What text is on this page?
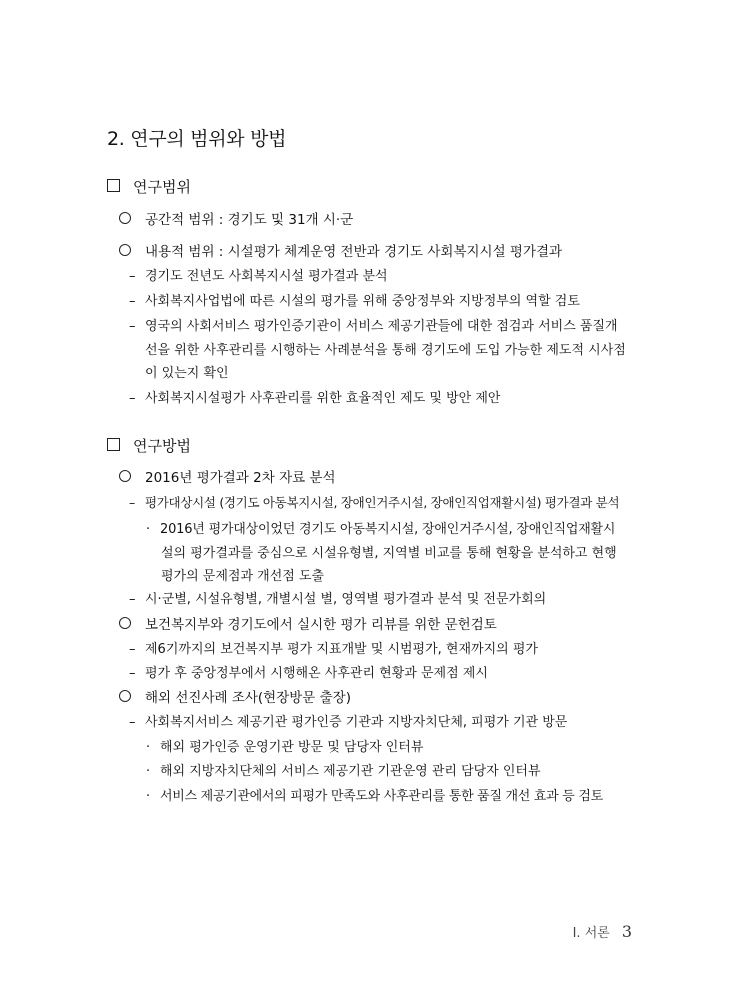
2. 연구의 범위와 방법
연구범위
공간적 범위 : 경기도 및 31개 시·군
내용적 범위 : 시설평가 체계운영 전반과 경기도 사회복지시설 평가결과
– 경기도 전년도 사회복지시설 평가결과 분석
– 사회복지사업법에 따른 시설의 평가를 위해 중앙정부와 지방정부의 역할 검토
– 영국의 사회서비스 평가인증기관이 서비스 제공기관들에 대한 점검과 서비스 품질개
선을 위한 사후관리를 시행하는 사례분석을 통해 경기도에 도입 가능한 제도적 시사점
이 있는지 확인
– 사회복지시설평가 사후관리를 위한 효율적인 제도 및 방안 제안
연구방법
2016년 평가결과 2차 자료 분석
– 평가대상시설 (경기도 아동복지시설, 장애인거주시설, 장애인직업재활시설) 평가결과 분석
· 2016년 평가대상이었던 경기도 아동복지시설, 장애인거주시설, 장애인직업재활시
설의 평가결과를 중심으로 시설유형별, 지역별 비교를 통해 현황을 분석하고 현행
평가의 문제점과 개선점 도출
– 시·군별, 시설유형별, 개별시설 별, 영역별 평가결과 분석 및 전문가회의
보건복지부와 경기도에서 실시한 평가 리뷰를 위한 문헌검토
– 제6기까지의 보건복지부 평가 지표개발 및 시범평가, 현재까지의 평가
– 평가 후 중앙정부에서 시행해온 사후관리 현황과 문제점 제시
해외 선진사례 조사(현장방문 출장)
– 사회복지서비스 제공기관 평가인증 기관과 지방자치단체, 피평가 기관 방문
· 해외 평가인증 운영기관 방문 및 담당자 인터뷰
· 해외 지방자치단체의 서비스 제공기관 기관운영 관리 담당자 인터뷰
· 서비스 제공기관에서의 피평가 만족도와 사후관리를 통한 품질 개선 효과 등 검토
Ⅰ. 서론 3
